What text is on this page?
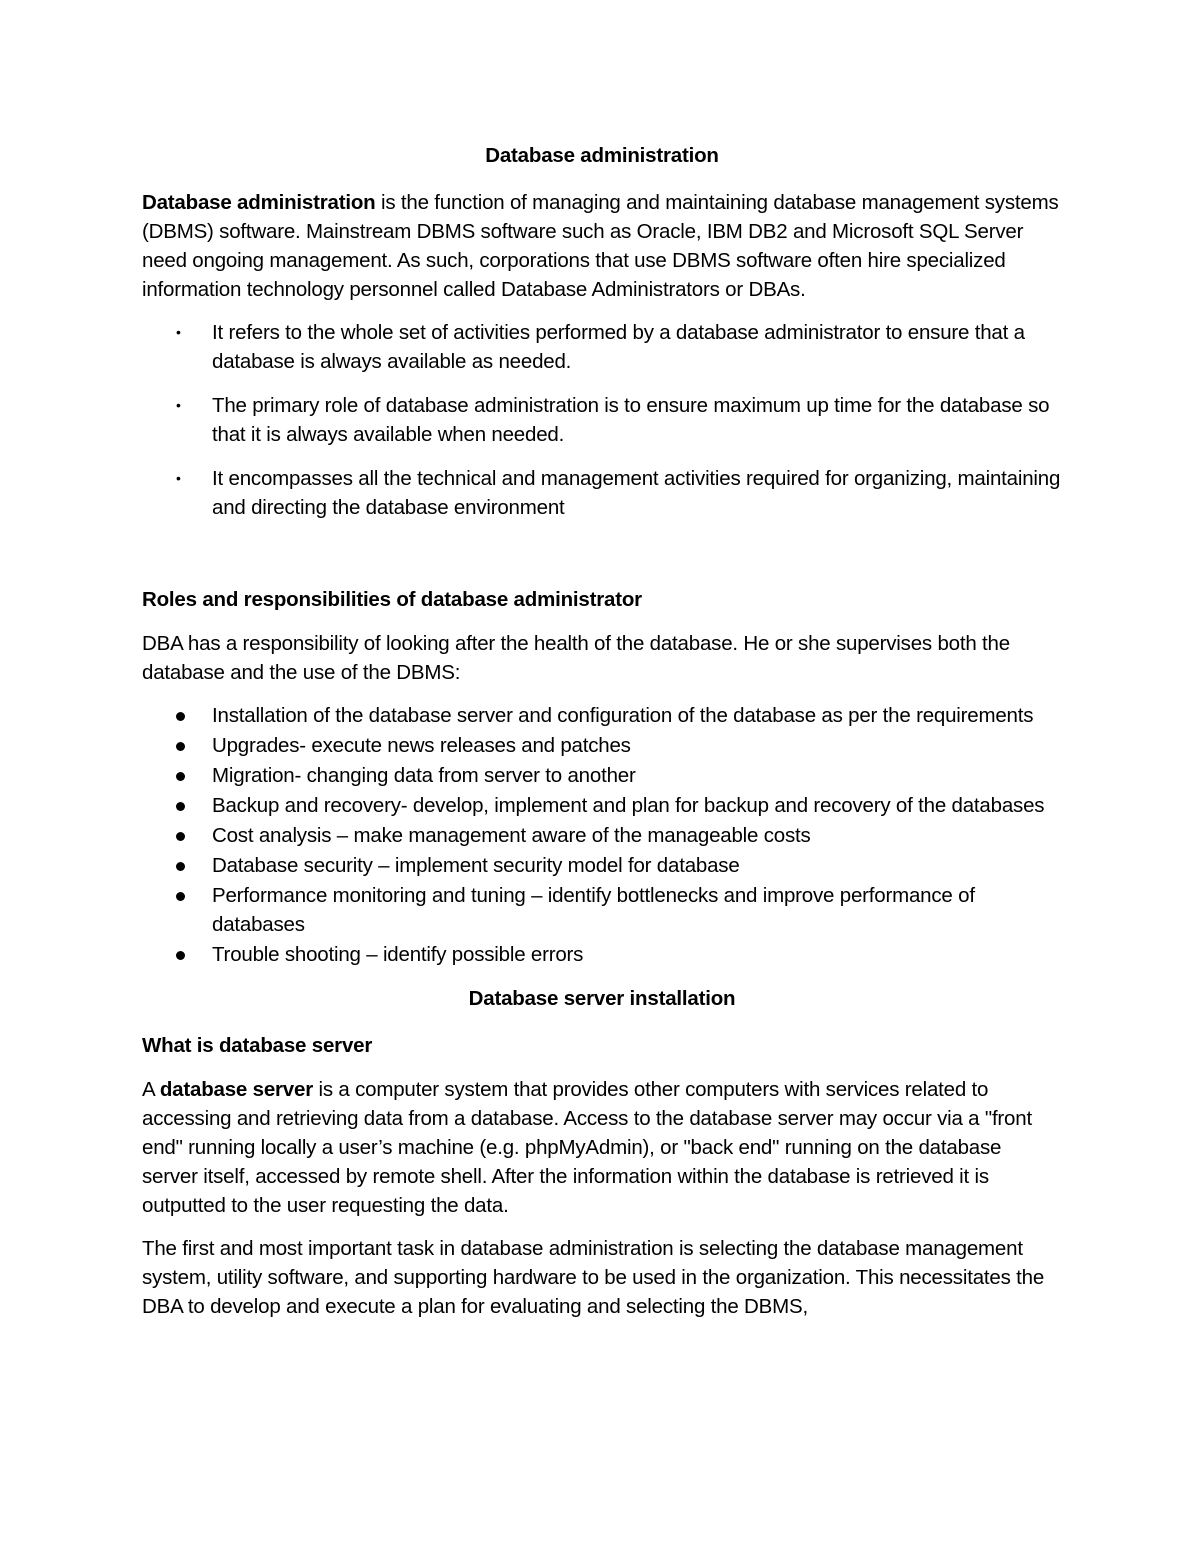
Database administration

Database administration is the function of managing and maintaining database management systems (DBMS) software. Mainstream DBMS software such as Oracle, IBM DB2 and Microsoft SQL Server need ongoing management. As such, corporations that use DBMS software often hire specialized information technology personnel called Database Administrators or DBAs.

• It refers to the whole set of activities performed by a database administrator to ensure that a database is always available as needed.
• The primary role of database administration is to ensure maximum up time for the database so that it is always available when needed.
• It encompasses all the technical and management activities required for organizing, maintaining and directing the database environment
Roles and responsibilities of database administrator

DBA has a responsibility of looking after the health of the database. He or she supervises both the database and the use of the DBMS:

Installation of the database server and configuration of the database as per the requirements
Upgrades- execute news releases and patches
Migration- changing data from server to another
Backup and recovery- develop, implement and plan for backup and recovery of the databases
Cost analysis – make management aware of the manageable costs
Database security – implement security model for database
Performance monitoring and tuning – identify bottlenecks and improve performance of databases
Trouble shooting – identify possible errors
Database server installation
What is database server

A database server is a computer system that provides other computers with services related to accessing and retrieving data from a database. Access to the database server may occur via a "front end" running locally a user’s machine (e.g. phpMyAdmin), or "back end" running on the database server itself, accessed by remote shell. After the information within the database is retrieved it is outputted to the user requesting the data.

The first and most important task in database administration is selecting the database management system, utility software, and supporting hardware to be used in the organization. This necessitates the DBA to develop and execute a plan for evaluating and selecting the DBMS,
